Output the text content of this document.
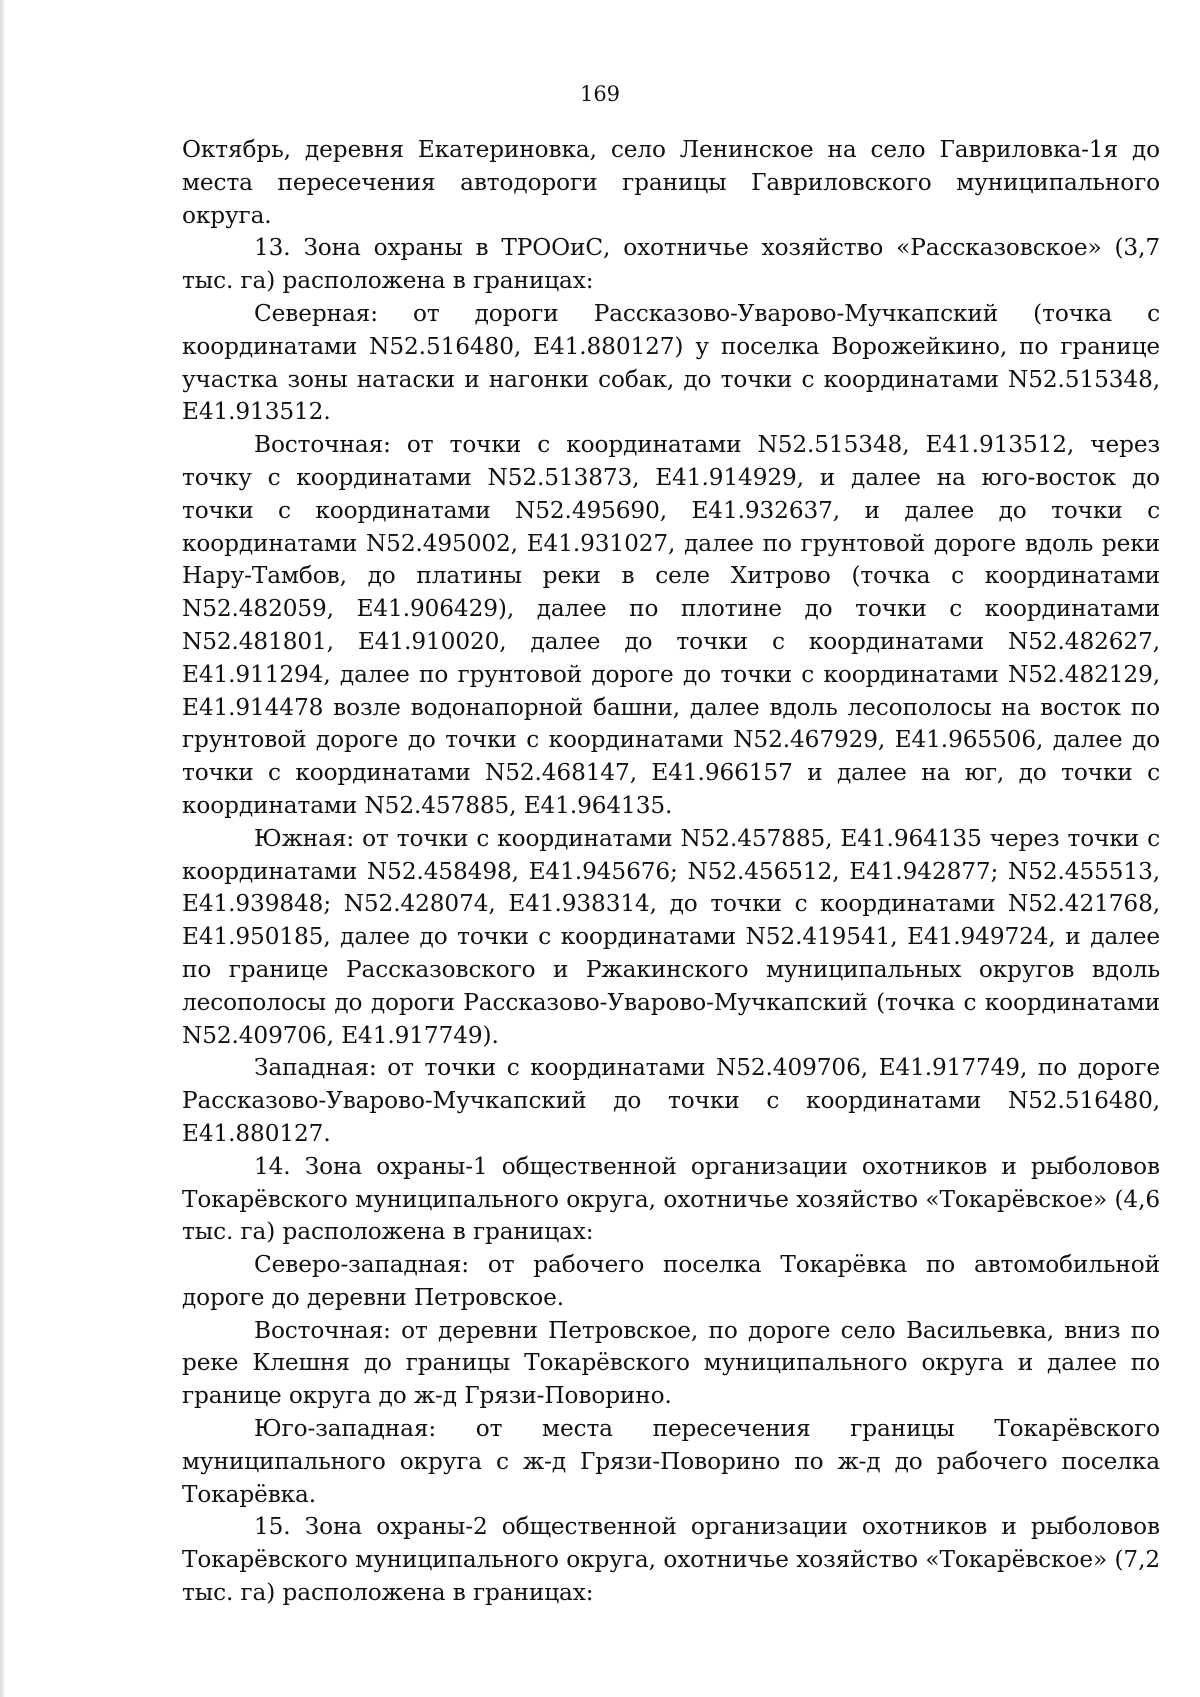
169

Октябрь, деревня Екатериновка, село Ленинское на село Гавриловка-1я до места пересечения автодороги границы Гавриловского муниципального округа.

13. Зона охраны в ТРООиС, охотничье хозяйство «Рассказовское» (3,7 тыс. га) расположена в границах:

Северная: от дороги Рассказово-Уварово-Мучкапский (точка с координатами N52.516480, E41.880127) у поселка Ворожейкино, по границе участка зоны натаски и нагонки собак, до точки с координатами N52.515348, E41.913512.

Восточная: от точки с координатами N52.515348, E41.913512, через точку с координатами N52.513873, E41.914929, и далее на юго-восток до точки с координатами N52.495690, E41.932637, и далее до точки с координатами N52.495002, E41.931027, далее по грунтовой дороге вдоль реки Нару-Тамбов, до платины реки в селе Хитрово (точка с координатами N52.482059, E41.906429), далее по плотине до точки с координатами N52.481801, E41.910020, далее до точки с координатами N52.482627, E41.911294, далее по грунтовой дороге до точки с координатами N52.482129, E41.914478 возле водонапорной башни, далее вдоль лесополосы на восток по грунтовой дороге до точки с координатами N52.467929, E41.965506, далее до точки с координатами N52.468147, E41.966157 и далее на юг, до точки с координатами N52.457885, E41.964135.

Южная: от точки с координатами N52.457885, E41.964135 через точки с координатами N52.458498, E41.945676; N52.456512, E41.942877; N52.455513, E41.939848; N52.428074, E41.938314, до точки с координатами N52.421768, E41.950185, далее до точки с координатами N52.419541, E41.949724, и далее по границе Рассказовского и Ржакинского муниципальных округов вдоль лесополосы до дороги Рассказово-Уварово-Мучкапский (точка с координатами N52.409706, E41.917749).

Западная: от точки с координатами N52.409706, E41.917749, по дороге Рассказово-Уварово-Мучкапский до точки с координатами N52.516480, E41.880127.

14. Зона охраны-1 общественной организации охотников и рыболовов Токарёвского муниципального округа, охотничье хозяйство «Токарёвское» (4,6 тыс. га) расположена в границах:

Северо-западная: от рабочего поселка Токарёвка по автомобильной дороге до деревни Петровское.

Восточная: от деревни Петровское, по дороге село Васильевка, вниз по реке Клешня до границы Токарёвского муниципального округа и далее по границе округа до ж-д Грязи-Поворино.

Юго-западная: от места пересечения границы Токарёвского муниципального округа с ж-д Грязи-Поворино по ж-д до рабочего поселка Токарёвка.

15. Зона охраны-2 общественной организации охотников и рыболовов Токарёвского муниципального округа, охотничье хозяйство «Токарёвское» (7,2 тыс. га) расположена в границах:
